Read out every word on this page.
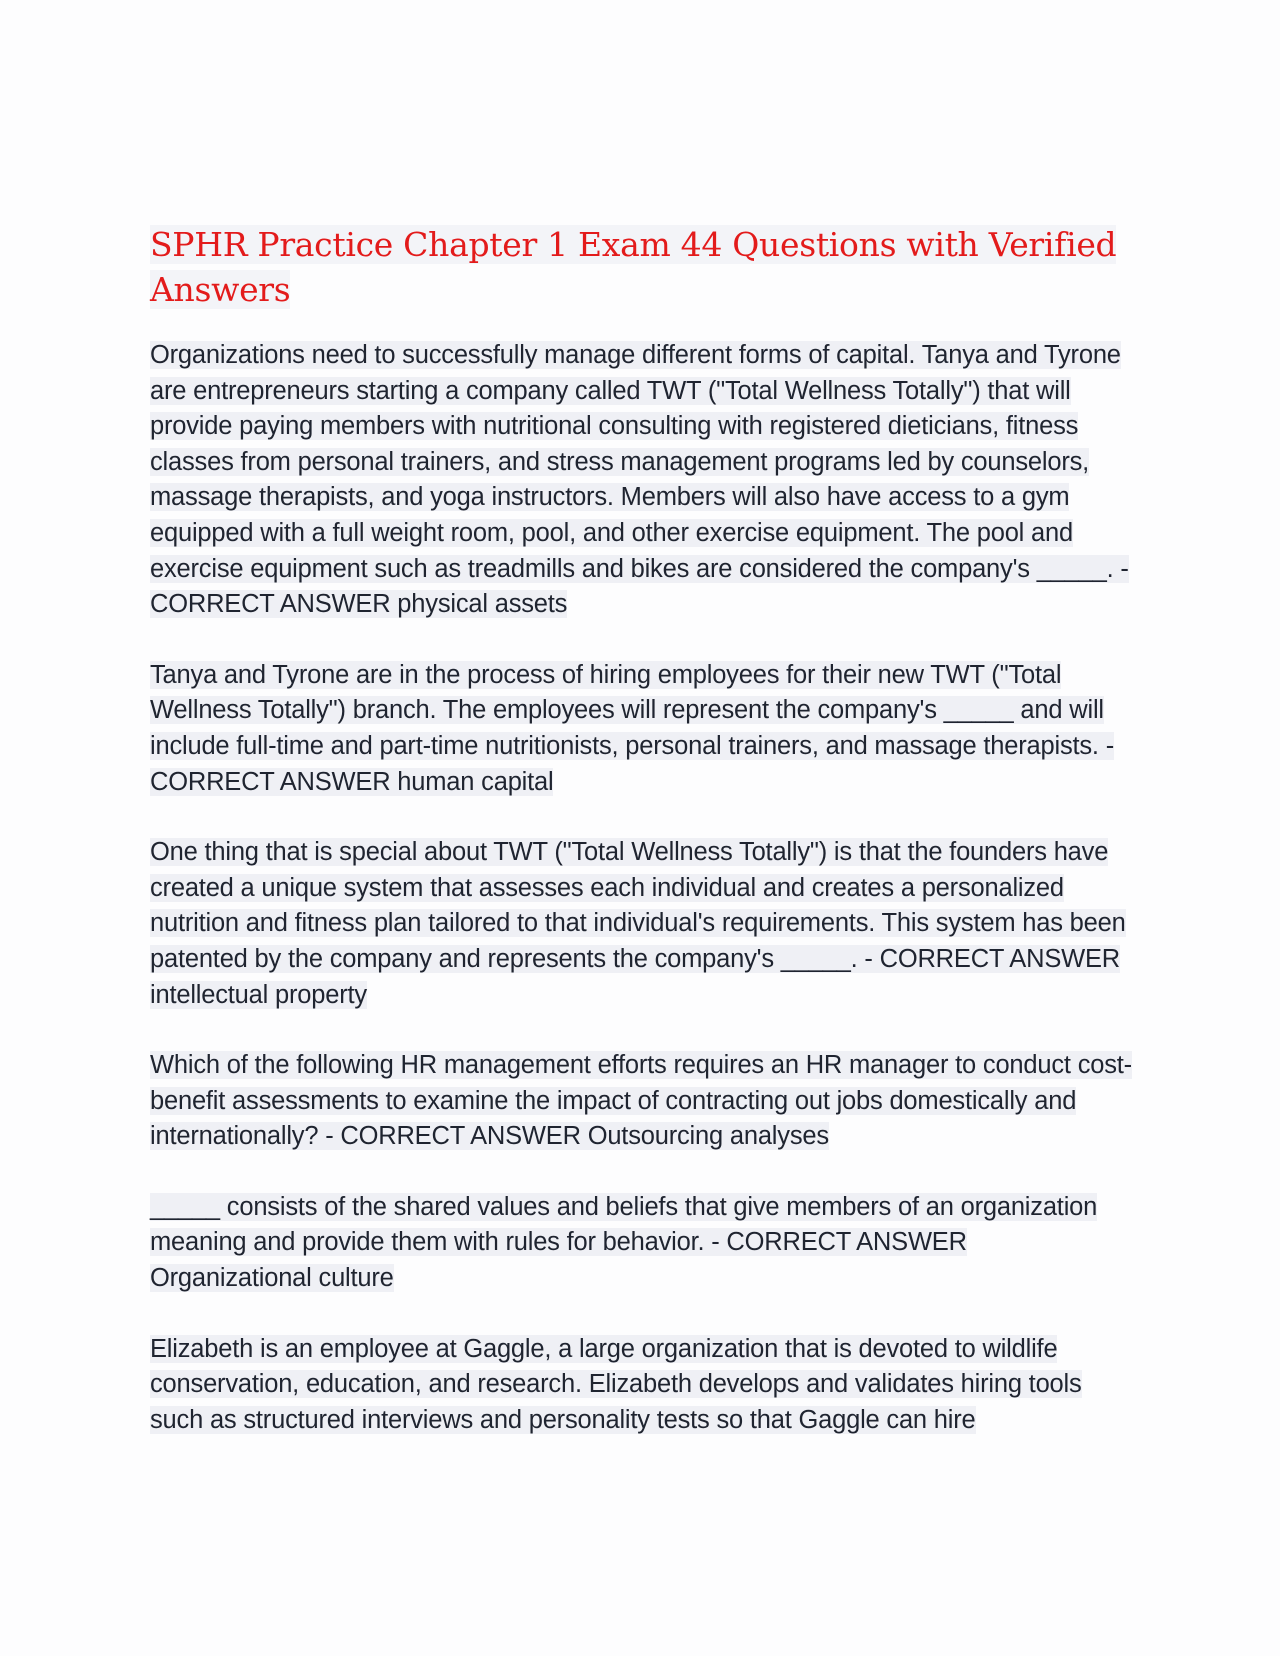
SPHR Practice Chapter 1 Exam 44 Questions with Verified Answers

Organizations need to successfully manage different forms of capital. Tanya and Tyrone are entrepreneurs starting a company called TWT ("Total Wellness Totally") that will provide paying members with nutritional consulting with registered dieticians, fitness classes from personal trainers, and stress management programs led by counselors, massage therapists, and yoga instructors. Members will also have access to a gym equipped with a full weight room, pool, and other exercise equipment. The pool and exercise equipment such as treadmills and bikes are considered the company's _____. - CORRECT ANSWER physical assets

Tanya and Tyrone are in the process of hiring employees for their new TWT ("Total Wellness Totally") branch. The employees will represent the company's _____ and will include full-time and part-time nutritionists, personal trainers, and massage therapists. - CORRECT ANSWER human capital

One thing that is special about TWT ("Total Wellness Totally") is that the founders have created a unique system that assesses each individual and creates a personalized nutrition and fitness plan tailored to that individual's requirements. This system has been patented by the company and represents the company's _____. - CORRECT ANSWER intellectual property

Which of the following HR management efforts requires an HR manager to conduct cost-benefit assessments to examine the impact of contracting out jobs domestically and internationally? - CORRECT ANSWER Outsourcing analyses

_____ consists of the shared values and beliefs that give members of an organization meaning and provide them with rules for behavior. - CORRECT ANSWER Organizational culture

Elizabeth is an employee at Gaggle, a large organization that is devoted to wildlife conservation, education, and research. Elizabeth develops and validates hiring tools such as structured interviews and personality tests so that Gaggle can hire
